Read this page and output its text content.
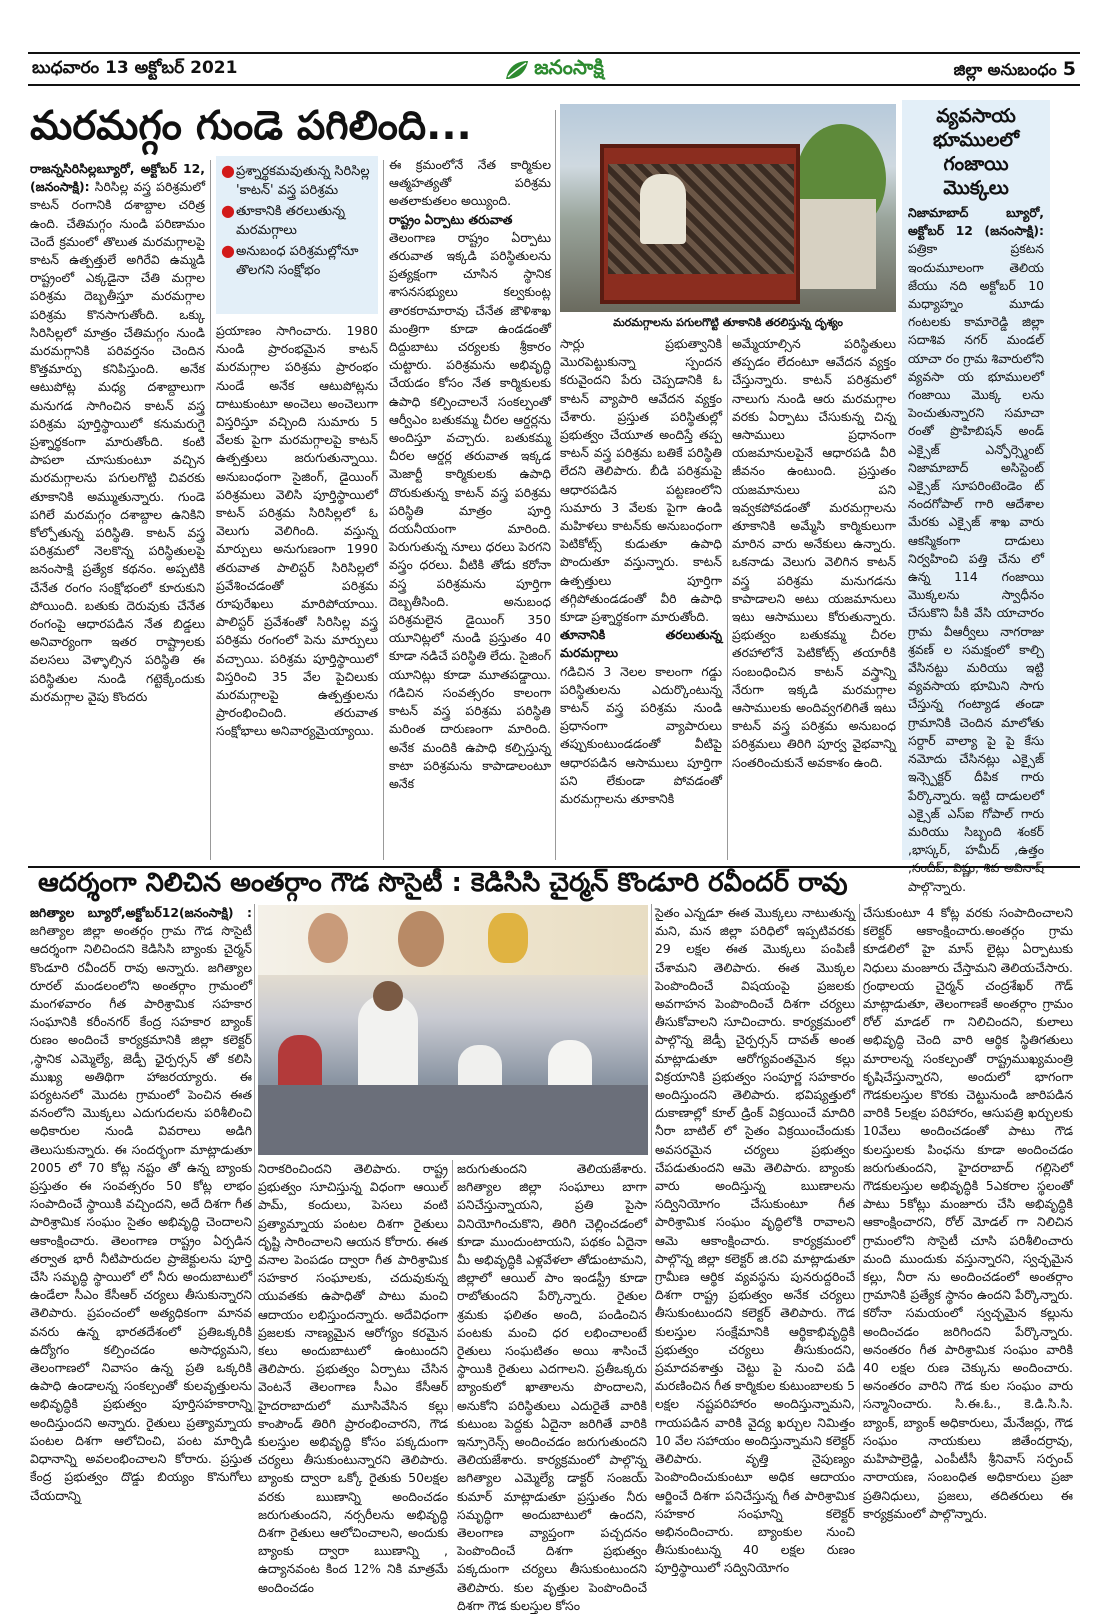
బుధవారం 13 అక్టోబర్ 2021	జనంసాక్షి	జిల్లా అనుబంధం 5
మరమగ్గం గుండె పగిలింది...
రాజన్నసిరిసిల్లబ్యూరో, అక్టోబర్ 12, (జనంసాక్షి): సిరిసిల్ల వస్త్ర పరిశ్రమలో కాటన్ రంగానికి దశాబ్దాల చరిత్ర ఉంది. చేతిమగ్గం నుండి పరిణామం చెందే క్రమంలో తొలుత మరమగ్గాలపై కాటన్ ఉత్పత్తులే అగిరేవి ఉమ్మడి రాష్ట్రంలో ఎక్కడైనా చేతి మగ్గాల పరిశ్రమ దెబ్బతీస్తూ మరమగ్గాల పరిశ్రమ కొనసాగుతోంది. ఒక్కు సిరిసిల్లలో మాత్రం చేతిమగ్గం నుండి మరమగ్గానికి పరివర్తనం చెందిన కొత్తమార్పు కనిపిస్తుంది. అనేక ఆటుపోట్ల మధ్య దశాబ్దాలుగా మనుగడ సాగించిన కాటన్ వస్త్ర పరిశ్రమ పూర్తిస్థాయిలో కనుమరుగై ప్రశ్నార్థకంగా మారుతోంది. కంటి పాపలా చూసుకుంటూ వచ్చిన మరమగ్గాలను పగులగొట్టి చివరకు తూకానికి అమ్ముతున్నారు. గుండె పగిలే మరమగ్గం దశాబ్దాల ఉనికిని కోల్పోతున్న పరిస్థితి. కాటన్ వస్త్ర పరిశ్రమలో నెలకొన్న పరిస్థితులపై జనంసాక్షి ప్రత్యేక కథనం. అప్పటికి చేనేత రంగం సంక్షోభంలో కూరుకుని పోయింది. బతుకు దెరువుకు చేనేత రంగంపై ఆధారపడిన నేత బిడ్డలు అనివార్యంగా ఇతర రాష్ట్రాలకు వలసలు వెళ్ళాల్సిన పరిస్థితి ఈ పరిస్థితుల నుండి గట్టెక్కేందుకు మరమగ్గాల వైపు కొందరు
● ప్రశ్నార్థకమవుతున్న సిరిసిల్ల 'కాటన్' వస్త్ర పరిశ్రమ
● తూకానికి తరలుతున్న మరమగ్గాలు
● అనుబంధ పరిశ్రమల్లోనూ తొలగని సంక్షోభం
ప్రయాణం సాగించారు. 1980 నుండి ప్రారంభమైన కాటన్ మరమగ్గాల పరిశ్రమ ప్రారంభం నుండే అనేక ఆటుపోట్లను దాటుకుంటూ అంచెలు అంచెలుగా విస్తరిస్తూ వచ్చింది సుమారు 5 వేలకు పైగా మరమగ్గాలపై కాటన్ ఉత్పత్తులు జరుగుతున్నాయి. అనుబంధంగా సైజింగ్, డైయింగ్ పరిశ్రమలు వెలిసి పూర్తిస్థాయిలో కాటన్ పరిశ్రమ సిరిసిల్లలో ఓ వెలుగు వెలిగింది. వస్తున్న మార్పులు అనుగుణంగా 1990 తరువాత పాలిస్టర్ సిరిసిల్లలో ప్రవేశించడంతో పరిశ్రమ రూపురేఖలు మారిపోయాయి. పాలిస్టర్ ప్రవేశంతో సిరిసిల్ల వస్త్ర పరిశ్రమ రంగంలో పెను మార్పులు వచ్చాయి. పరిశ్రమ పూర్తిస్థాయిలో విస్తరించి 35 వేల పైచిలుకు మరమగ్గాలపై ఉత్పత్తులను ప్రారంభించింది. తరువాత సంక్షోభాలు అనివార్యమైయ్యాయి.
ఈ క్రమంలోనే నేత కార్మికుల ఆత్మహత్యతో పరిశ్రమ అతలాకుతలం అయ్యింది.
రాష్ట్రం ఏర్పాటు తరువాత
తెలంగాణ రాష్ట్రం ఏర్పాటు తరువాత ఇక్కడి పరిస్థితులను ప్రత్యక్షంగా చూసిన స్థానిక శాసనసభ్యులు కల్వకుంట్ల తారకరామారావు చేనేత జౌళిశాఖ మంత్రిగా కూడా ఉండడంతో దిద్దుబాటు చర్యలకు శ్రీకారం చుట్టారు. పరిశ్రమను అభివృద్ధి చేయడం కోసం నేత కార్మికులకు ఉపాధి కల్పించాలనే సంకల్పంతో ఆర్వీఎం బతుకమ్మ చీరల ఆర్డర్లను అందిస్తూ వచ్చారు. బతుకమ్మ చీరల ఆర్డర్ల తరువాత ఇక్కడ మెజార్టీ కార్మికులకు ఉపాధి దొరుకుతున్న కాటన్ వస్త్ర పరిశ్రమ పరిస్థితి మాత్రం పూర్తి దయనీయంగా మారింది. పెరుగుతున్న నూలు ధరలు పెరగని వస్త్రం ధరలు. వీటికి తోడు కరోనా వస్త్ర పరిశ్రమను పూర్తిగా దెబ్బతీసింది. అనుబంధ పరిశ్రమలైన డైయింగ్ 350 యూనిట్లలో నుండి ప్రస్తుతం 40 కూడా నడిచే పరిస్థితి లేదు. సైజింగ్ యూనిట్లు కూడా మూతపడ్డాయి. గడిచిన సంవత్సరం కాలంగా కాటన్ వస్త్ర పరిశ్రమ పరిస్థితి మరింత దారుణంగా మారింది. అనేక మందికి ఉపాధి కల్పిస్తున్న కాటా పరిశ్రమను కాపాడాలంటూ అనేక
మరమగ్గాలను పగులగొట్టి తూకానికి తరలిస్తున్న దృశ్యం
సార్లు ప్రభుత్వానికి మొరపెట్టుకున్నా స్పందన కరువైందని పేరు చెప్పడానికి ఓ కాటన్ వ్యాపారి ఆవేదన వ్యక్తం చేశారు. ప్రస్తుత పరిస్థితుల్లో ప్రభుత్వం చేయూత అందిస్తే తప్ప కాటన్ వస్త్ర పరిశ్రమ బతికే పరిస్థితి లేదని తెలిపారు. బీడి పరిశ్రమపై ఆధారపడిన పట్టణంలోని సుమారు 3 వేలకు పైగా ఉండి మహిళలు కాటన్‌కు అనుబంధంగా పెటికోట్స్ కుడుతూ ఉపాధి పొందుతూ వస్తున్నారు. కాటన్ ఉత్పత్తులు పూర్తిగా తగ్గిపోతుండడంతో వీరి ఉపాధి కూడా ప్రశ్నార్థకంగా మారుతోంది.
తూనానికి తరలుతున్న మరమగ్గాలు
గడిచిన 3 నెలల కాలంగా గడ్డు పరిస్థితులను ఎదుర్కొంటున్న కాటన్ వస్త్ర పరిశ్రమ నుండి ప్రధానంగా వ్యాపారులు తప్పుకుంటుండడంతో వీటిపై ఆధారపడిన ఆసాములు పూర్తిగా పని లేకుండా పోవడంతో మరమగ్గాలను తూకానికి
అమ్మేయాల్సిన పరిస్థితులు తప్పడం లేదంటూ ఆవేదన వ్యక్తం చేస్తున్నారు. కాటన్ పరిశ్రమలో నాలుగు నుండి ఆరు మరమగ్గాల వరకు ఏర్పాటు చేసుకున్న చిన్న ఆసాములు ప్రధానంగా యజమానులపైనే ఆధారపడి వీరి జీవనం ఉంటుంది. ప్రస్తుతం యజమానులు పని ఇవ్వకపోవడంతో మరమగ్గాలను తూకానికి అమ్మేసి కార్మికులుగా మారిన వారు అనేకులు ఉన్నారు. ఒకనాడు వెలుగు వెలిగిన కాటన్ వస్త్ర పరిశ్రమ మనుగడను కాపాడాలని అటు యజమానులు ఇటు ఆసాములు కోరుతున్నారు. ప్రభుత్వం బతుకమ్మ చీరల తరహాలోనే పెటికోట్స్ తయారీకి సంబంధించిన కాటన్ వస్త్రాన్ని నేరుగా ఇక్కడి మరమగ్గాల ఆసాములకు అందివ్వగలిగితే ఇటు కాటన్ వస్త్ర పరిశ్రమ అనుబంధ పరిశ్రమలు తిరిగి పూర్వ వైభవాన్ని సంతరించుకునే అవకాశం ఉంది.
వ్యవసాయ భూములలో గంజాయి మొక్కలు
నిజామాబాద్ బ్యూరో, అక్టోబర్ 12 (జనంసాక్షి): పత్రికా ప్రకటన ఇందుమూలంగా తెలియ జేయు నది అక్టోబర్ 10 మధ్యాహ్నం మూడు గంటలకు కామారెడ్డి జిల్లా సదాశివ నగర్ మండల్ యాచా రం గ్రామ శివారులోని వ్యవసా య భూములలో గంజాయి మొక్క లను పెంచుతున్నారని సమాచా రంతో ప్రొహిబిషన్ అండ్ ఎక్సైజ్ ఎన్ఫోర్స్మెంట్ నిజామాబాద్ అసిస్టెంట్ ఎక్సైజ్ సూపరింటెండెం ట్ నందగోపాల్ గారి ఆదేశాల మేరకు ఎక్సైజ్ శాఖ వారు ఆకస్మికంగా దాడులు నిర్వహించి పత్తి చేను లో ఉన్న 114 గంజాయి మొక్కలను స్వాధీనం చేసుకొని పీకి వేసి యాచారం గ్రామ వీఆర్వీలు నాగరాజు శ్రవణ్ ల సమక్షంలో కాల్చి వేసినట్టు మరియు ఇట్టి వ్యవసాయ భూమిని సాగు చేస్తున్న గంట్యాడ తండా గ్రామానికి చెందిన మాలోతు సర్దార్ వాల్యా పై పై కేసు నమోదు చేసినట్లు ఎక్సైజ్ ఇన్స్పెక్టర్ దీపిక గారు పేర్కొన్నారు. ఇట్టి దాడులలో ఎక్సైజ్ ఎస్ఐ గోపాల్ గారు మరియు సిబ్బంది శంకర్ ,భాస్కర్, హమీద్ ,ఉత్తం పాల్గొన్నారు.
ఆదర్శంగా నిలిచిన అంతర్గాం గౌడ సొసైటీ : కెడిసిసి చైర్మన్ కొండూరి రవీందర్ రావు
జగిత్యాల బ్యూరో,అక్టోబర్12(జనంసాక్షి) : జగిత్యాల జిల్లా అంతర్గం గ్రామ గౌడ సొసైటీ ఆదర్శంగా నిలిచిందని కెడిసిసి బ్యాంకు చైర్మన్ కొండూరి రవీందర్ రావు అన్నారు. జగిత్యాల రూరల్ మండలంలోని అంతర్గాం గ్రామంలో మంగళవారం గీత పారిశ్రామిక సహకార సంఘానికి కరీంనగర్ కేంద్ర సహకార బ్యాంక్ రుణం అందించే కార్యక్రమానికి జిల్లా కలెక్టర్ ,స్థానిక ఎమ్మెల్యే, జెడ్పీ ఛైర్పర్సన్ తో కలిసి ముఖ్య అతిథిగా హాజరయ్యారు. ఈ పర్యటనలో మొదట గ్రామంలో పెంచిన ఈత వనంలోని మొక్కలు ఎదుగుదలను పరిశీలించి అధికారుల నుండి వివరాలు అడిగి తెలుసుకున్నారు. ఈ సందర్భంగా మాట్లాడుతూ 2005 లో 70 కోట్ల నష్టం తో ఉన్న బ్యాంకు ప్రస్తుతం ఈ సంవత్సరం 50 కోట్ల లాభం సంపాదించే స్థాయికి వచ్చిందని, అదే దిశగా గీత పారిశ్రామిక సంఘం సైతం అభివృద్ధి చెందాలని ఆకాంక్షించారు. తెలంగాణ రాష్ట్రం ఏర్పడిన తర్వాత భారీ నీటిపారుదల ప్రాజెక్టులను పూర్తి చేసి సమృద్ధి స్థాయిలో లో నీరు అందుబాటులో ఉండేలా సీఎం కేసీఆర్ చర్యలు తీసుకున్నారని తెలిపారు. ప్రపంచంలో అత్యధికంగా మానవ వనరు ఉన్న భారతదేశంలో ప్రతిఒక్కరికి ఉద్యోగం కల్పించడం అసాధ్యమని, తెలంగాణలో నివాసం ఉన్న ప్రతి ఒక్కరికి ఉపాధి ఉండాలన్న సంకల్పంతో కులవృత్తులను అభివృద్ధికి ప్రభుత్వం పూర్తిసహకారాన్ని అందిస్తుందని అన్నారు. రైతులు ప్రత్యామ్నాయ పంటల దిశగా ఆలోచించి, పంట మార్పిడి విధానాన్ని అవలంభించాలని కోరారు. ప్రస్తుత కేంద్ర ప్రభుత్వం దొడ్డు బియ్యం కొనుగోలు చేయదాన్ని
నిరాకరించిందని తెలిపారు. రాష్ట్ర ప్రభుత్వం సూచిస్తున్న విధంగా ఆయిల్ పామ్, కందులు, పెసలు వంటి ప్రత్యామ్నాయ పంటల దిశగా రైతులు దృష్టి సారించాలని ఆయన కోరారు. ఈత వనాల పెంపడం ద్వారా గీత పారిశ్రామిక సహకార సంఘాలకు, చదువుకున్న యువతకు ఉపాధితో పాటు మంచి ఆదాయం లభిస్తుందన్నారు. అదేవిధంగా ప్రజలకు నాణ్యమైన ఆరోగ్యం కరమైన కలు అందుబాటులో ఉంటుందని తెలిపారు. ప్రభుత్వం ఏర్పాటు చేసిన వెంటనే తెలంగాణ సీఎం కేసీఆర్ హైదరాబాదులో మూసివేసిన కల్లు కాంపౌండ్ తిరిగి ప్రారంభించారని, గౌడ కులస్తుల అభివృద్ధి కోసం పక్కదుంగా చర్యలు తీసుకుంటున్నారని తెలిపారు. బ్యాంకు ద్వారా ఒక్కో రైతుకు 50లక్షల వరకు ఋణాన్ని అందించడం జరుగుతుందని, నర్సరీలను అభివృద్ధి దిశగా రైతులు ఆలోచించాలని, అందుకు బ్యాంకు ద్వారా ఋణాన్ని , ఉద్యానవంట కింద 12% నికి మాత్రమే అందించడం
జరుగుతుందని తెలియజేశారు. జగిత్యాల జిల్లా సంఘాలు బాగా పనిచేస్తున్నాయని, ప్రతి పైసా వినియోగించుకొని, తిరిగి చెల్లించడంలో కూడా ముందుంటాయని, పథకం ఏదైనా మీ అభివృద్ధికి ఎళ్లవేళలా తోడుంటామని, జిల్లాలో ఆయిల్ పాం ఇండస్ట్రీ కూడా రాబోతుందని పేర్కొన్నారు. రైతుల శ్రమకు ఫలితం అంది, పండించిన పంటకు మంచి ధర లభించాలంటే రైతులు సంఘటితం అయి శాసించే స్థాయికి రైతులు ఎదగాలని. ప్రతీఒక్కరు బ్యాంకులో ఖాతాలను పొందాలని, అనుకోని పరిస్థితులు ఎదురైతే వారికి కుటుంబ పెద్దకు ఏదైనా జరిగితే వారికి ఇన్సూరెన్స్ అందించడం జరుగుతుందని తెలియజేశారు. కార్యక్రమంలో పాల్గొన్న జగిత్యాల ఎమ్మెల్యే డాక్టర్ సంజయ్ కుమార్ మాట్లాడుతూ ప్రస్తుతం నీరు సమృద్ధిగా అందుబాటులో ఉందని, తెలంగాణ వ్యాప్తంగా పచ్చదనం పెంపొందించే దిశగా ప్రభుత్వం పక్కదుంగా చర్యలు తీసుకుంటుందని తెలిపారు. కుల వృత్తుల పెంపొందించే దిశగా గౌడ కులస్తుల కోసం
సైతం ఎన్నడూ ఈత మొక్కలు నాటుతున్న మని, మన జిల్లా పరిధిలో ఇప్పటివరకు 29 లక్షల ఈత మొక్కలు పంపిణీ చేశామని తెలిపారు. ఈత మొక్కల పెంపొందించే విషయంపై ప్రజలకు అవగాహన పెంపొందించే దిశగా చర్యలు తీసుకోవాలని సూచించారు. కార్యక్రమంలో పాల్గొన్న జెడ్పీ చైర్పర్సన్ దావత్ అంత మాట్లాడుతూ ఆరోగ్యవంతమైన కల్లు విక్రయానికి ప్రభుత్వం సంపూర్ణ సహకారం అందిస్తుందని తెలిపారు. భవిష్యత్తులో దుకాణాల్లో కూల్ డ్రింక్ విక్రయించే మాదిరి నీరా బాటిల్ లో సైతం విక్రయించేందుకు అవసరమైన చర్యలు ప్రభుత్వం చేపడుతుందని ఆమె తెలిపారు. బ్యాంకు వారు అందిస్తున్న ఋణాలను సద్వినియోగం చేసుకుంటూ గీత పారిశ్రామిక సంఘం వృద్ధిలోకి రావాలని ఆమె ఆకాంక్షించారు. కార్యక్రమంలో పాల్గొన్న జిల్లా కలెక్టర్ జి.రవి మాట్లాడుతూ గ్రామీణ ఆర్థిక వ్యవస్థను పునరుద్దరించే దిశగా రాష్ట్ర ప్రభుత్వం అనేక చర్యలు తీసుకుంటుందని కలెక్టర్ తెలిపారు. గౌడ కులస్తుల సంక్షేమానికి ఆర్థికాభివృద్ధికి ప్రభుత్వం చర్యలు తీసుకుందని, ప్రమాదవశాత్తు చెట్టు పై నుంచి పడి మరణించిన గీత కార్మికుల కుటుంబాలకు 5 లక్షల నష్టపరిహారం అందిస్తున్నామని, గాయపడిన వారికి వైద్య ఖర్చుల నిమిత్తం 10 వేల సహాయం అందిస్తున్నామని కలెక్టర్ తెలిపారు. వృత్తి నైపుణ్యం పెంపొందించుకుంటూ అధిక ఆదాయం ఆర్జించే దిశగా పనిచేస్తున్న గీత పారిశ్రామిక సహకార సంఘాన్ని కలెక్టర్ అభినందించారు. బ్యాంకుల నుంచి తీసుకుంటున్న 40 లక్షల రుణం పూర్తిస్థాయిలో సద్వినియోగం
చేసుకుంటూ 4 కోట్ల వరకు సంపాదించాలని కలెక్టర్ ఆకాంక్షించారు.అంతర్గం గ్రామ కూడలిలో హై మాస్ లైట్లు ఏర్పాటుకు నిధులు మంజూరు చేస్తామని తెలియచేసారు. గ్రంథాలయ చైర్మన్ చంద్రశేఖర్ గౌడ్ మాట్లాడుతూ, తెలంగాణకే అంతర్గాం గ్రామం రోల్ మాడల్ గా నిలిచిందని, కులాలు అభివృద్ధి చెంది వారి ఆర్థిక స్థితిగతులు మారాలన్న సంకల్పంతో రాష్ట్రముఖ్యమంత్రి కృషిచేస్తున్నారని, అందులో భాగంగా గౌడకులస్తుల కొరకు చెట్టునుండి జారిపడిన వారికి 5లక్షల పరిహారం, ఆసుపత్రి ఖర్చులకు 10వేలు అందించడంతో పాటు గౌడ కులస్తులకు పింఛను కూడా అందించడం జరుగుతుందని, హైదరాబాద్ గల్లిసెలో గౌడకులస్తుల అభివృద్ధికి 5ఎకరాల స్థలంతో పాటు 5కోట్లు మంజూరు చేసి అభివృద్ధికి ఆకాంక్షించారని, రోల్ మోడల్ గా నిలిచిన గ్రామంలోని సొసైటీ చూసి పరిశీలించారు మంది ముందుకు వస్తున్నారని, స్వచ్ఛమైన కల్లు, నీరా ను అందించడంలో అంతర్గాం గ్రామానికి ప్రత్యేక స్థానం ఉందని పేర్కొన్నారు. కరోనా సమయంలో స్వచ్ఛమైన కల్లును అందించడం జరిగిందని పేర్కొన్నారు. అనంతరం గీత పారిశ్రామిక సంఘం వారికి 40 లక్షల రుణ చెక్కును అందించారు. అనంతరం వారిని గౌడ కుల సంఘం వారు సన్మానించారు. సి.ఈ.ఓ., కె.డి.సి.సి. బ్యాంక్, బ్యాంక్ అధికారులు, మేనేజర్లు, గౌడ సంఘం నాయకులు జితేందర్రావు, మహిపాల్రెడ్డి, ఎంపీటీసీ శ్రీనివాస్ సర్పంచ్ నారాయణ, సంబంధిత అధికారులు ప్రజా ప్రతినిధులు, ప్రజలు, తదితరులు ఈ కార్యక్రమంలో పాల్గొన్నారు.
